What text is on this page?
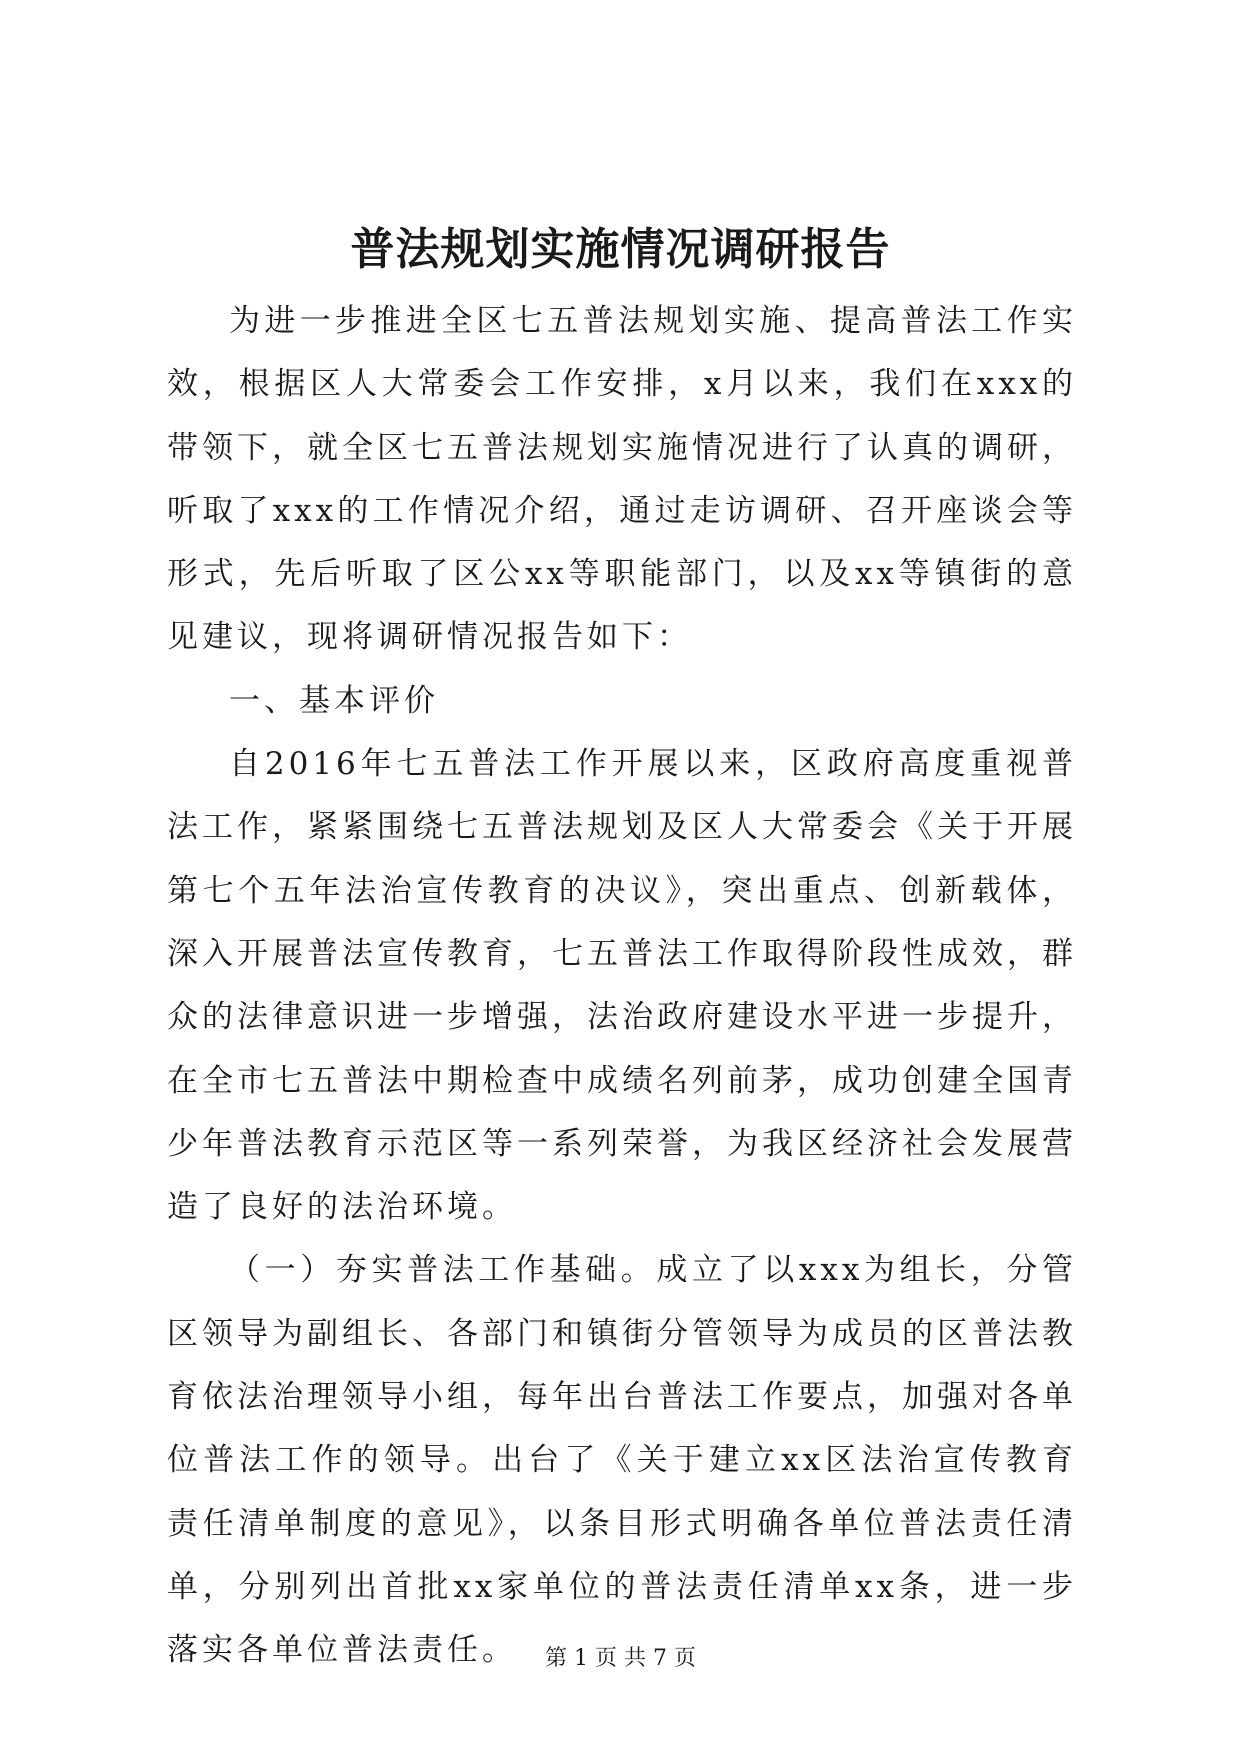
普法规划实施情况调研报告

为进一步推进全区七五普法规划实施、提高普法工作实效，根据区人大常委会工作安排，x月以来，我们在xxx的带领下，就全区七五普法规划实施情况进行了认真的调研，听取了xxx的工作情况介绍，通过走访调研、召开座谈会等形式，先后听取了区公xx等职能部门，以及xx等镇街的意见建议，现将调研情况报告如下：

一、基本评价

自2016年七五普法工作开展以来，区政府高度重视普法工作，紧紧围绕七五普法规划及区人大常委会《关于开展第七个五年法治宣传教育的决议》，突出重点、创新载体，深入开展普法宣传教育，七五普法工作取得阶段性成效，群众的法律意识进一步增强，法治政府建设水平进一步提升，在全市七五普法中期检查中成绩名列前茅，成功创建全国青少年普法教育示范区等一系列荣誉，为我区经济社会发展营造了良好的法治环境。

（一）夯实普法工作基础。成立了以xxx为组长，分管区领导为副组长、各部门和镇街分管领导为成员的区普法教育依法治理领导小组，每年出台普法工作要点，加强对各单位普法工作的领导。出台了《关于建立xx区法治宣传教育责任清单制度的意见》，以条目形式明确各单位普法责任清单，分别列出首批xx家单位的普法责任清单xx条，进一步落实各单位普法责任。	第 1 页 共 7 页
